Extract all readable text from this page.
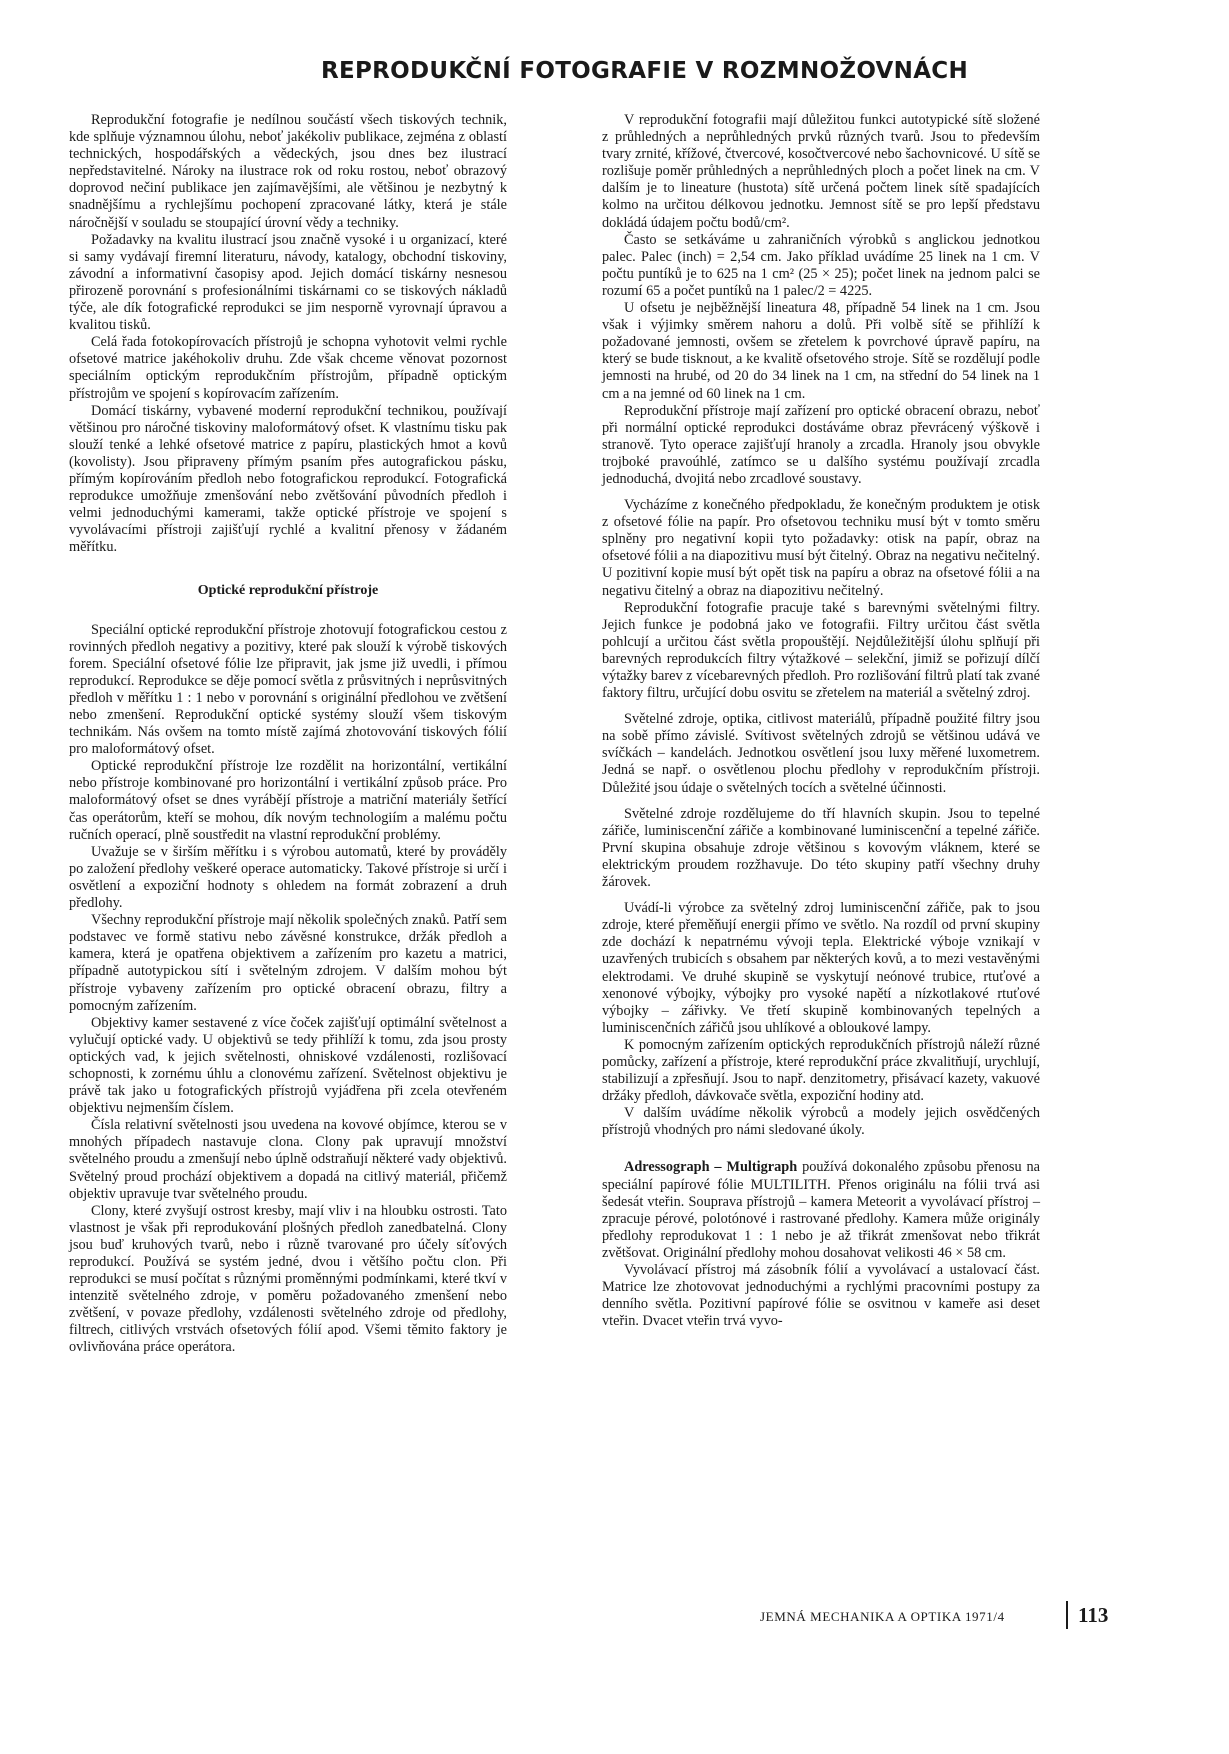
REPRODUKČNÍ FOTOGRAFIE V ROZMNOŽOVNÁCH

Reprodukční fotografie je nedílnou součástí všech tiskových technik, kde splňuje významnou úlohu, neboť jakékoliv publikace, zejména z oblastí technických, hospodářských a vědeckých, jsou dnes bez ilustrací nepředstavitelné. Nároky na ilustrace rok od roku rostou, neboť obrazový doprovod nečiní publikace jen zajímavějšími, ale většinou je nezbytný k snadnějšímu a rychlejšímu pochopení zpracované látky, která je stále náročnější v souladu se stoupající úrovní vědy a techniky.

Požadavky na kvalitu ilustrací jsou značně vysoké i u organizací, které si samy vydávají firemní literaturu, návody, katalogy, obchodní tiskoviny, závodní a informativní časopisy apod. Jejich domácí tiskárny nesnesou přirozeně porovnání s profesionálními tiskárnami co se tiskových nákladů týče, ale dík fotografické reprodukci se jim nesporně vyrovnají úpravou a kvalitou tisků.

Celá řada fotokopírovacích přístrojů je schopna vyhotovit velmi rychle ofsetové matrice jakéhokoliv druhu. Zde však chceme věnovat pozornost speciálním optickým reprodukčním přístrojům, případně optickým přístrojům ve spojení s kopírovacím zařízením.

Domácí tiskárny, vybavené moderní reprodukční technikou, používají většinou pro náročné tiskoviny maloformátový ofset. K vlastnímu tisku pak slouží tenké a lehké ofsetové matrice z papíru, plastických hmot a kovů (kovolisty). Jsou připraveny přímým psaním přes autografickou pásku, přímým kopírováním předloh nebo fotografickou reprodukcí. Fotografická reprodukce umožňuje zmenšování nebo zvětšování původních předloh i velmi jednoduchými kamerami, takže optické přístroje ve spojení s vyvolávacími přístroji zajišťují rychlé a kvalitní přenosy v žádaném měřítku.

Optické reprodukční přístroje

Speciální optické reprodukční přístroje zhotovují fotografickou cestou z rovinných předloh negativy a pozitivy, které pak slouží k výrobě tiskových forem. Speciální ofsetové fólie lze připravit, jak jsme již uvedli, i přímou reprodukcí. Reprodukce se děje pomocí světla z průsvitných i neprůsvitných předloh v měřítku 1 : 1 nebo v porovnání s originální předlohou ve zvětšení nebo zmenšení. Reprodukční optické systémy slouží všem tiskovým technikám. Nás ovšem na tomto místě zajímá zhotovování tiskových fólií pro maloformátový ofset.

Optické reprodukční přístroje lze rozdělit na horizontální, vertikální nebo přístroje kombinované pro horizontální i vertikální způsob práce. Pro maloformátový ofset se dnes vyrábějí přístroje a matriční materiály šetřící čas operátorům, kteří se mohou, dík novým technologiím a malému počtu ručních operací, plně soustředit na vlastní reprodukční problémy.

Uvažuje se v širším měřítku i s výrobou automatů, které by prováděly po založení předlohy veškeré operace automaticky. Takové přístroje si určí i osvětlení a expoziční hodnoty s ohledem na formát zobrazení a druh předlohy.

Všechny reprodukční přístroje mají několik společných znaků. Patří sem podstavec ve formě stativu nebo závěsné konstrukce, držák předloh a kamera, která je opatřena objektivem a zařízením pro kazetu a matrici, případně autotypickou sítí i světelným zdrojem. V dalším mohou být přístroje vybaveny zařízením pro optické obracení obrazu, filtry a pomocným zařízením.

Objektivy kamer sestavené z více čoček zajišťují optimální světelnost a vylučují optické vady. U objektivů se tedy přihlíží k tomu, zda jsou prosty optických vad, k jejich světelnosti, ohniskové vzdálenosti, rozlišovací schopnosti, k zornému úhlu a clonovému zařízení. Světelnost objektivu je právě tak jako u fotografických přístrojů vyjádřena při zcela otevřeném objektivu nejmenším číslem.

Čísla relativní světelnosti jsou uvedena na kovové objímce, kterou se v mnohých případech nastavuje clona. Clony pak upravují množství světelného proudu a zmenšují nebo úplně odstraňují některé vady objektivů. Světelný proud prochází objektivem a dopadá na citlivý materiál, přičemž objektiv upravuje tvar světelného proudu.

Clony, které zvyšují ostrost kresby, mají vliv i na hloubku ostrosti. Tato vlastnost je však při reprodukování plošných předloh zanedbatelná. Clony jsou buď kruhových tvarů, nebo i různě tvarované pro účely síťových reprodukcí. Používá se systém jedné, dvou i většího počtu clon. Při reprodukci se musí počítat s různými proměnnými podmínkami, které tkví v intenzitě světelného zdroje, v poměru požadovaného zmenšení nebo zvětšení, v povaze předlohy, vzdálenosti světelného zdroje od předlohy, filtrech, citlivých vrstvách ofsetových fólií apod. Všemi těmito faktory je ovlivňována práce operátora.

V reprodukční fotografii mají důležitou funkci autotypické sítě složené z průhledných a neprůhledných prvků různých tvarů. Jsou to především tvary zrnité, křížové, čtvercové, kosočtvercové nebo šachovnicové. U sítě se rozlišuje poměr průhledných a neprůhledných ploch a počet linek na cm. V dalším je to lineature (hustota) sítě určená počtem linek sítě spadajících kolmo na určitou délkovou jednotku. Jemnost sítě se pro lepší představu dokládá údajem počtu bodů/cm².

Často se setkáváme u zahraničních výrobků s anglickou jednotkou palec. Palec (inch) = 2,54 cm. Jako příklad uvádíme 25 linek na 1 cm. V počtu puntíků je to 625 na 1 cm² (25 × 25); počet linek na jednom palci se rozumí 65 a počet puntíků na 1 palec/2 = 4225.

U ofsetu je nejběžnější lineatura 48, případně 54 linek na 1 cm. Jsou však i výjimky směrem nahoru a dolů. Při volbě sítě se přihlíží k požadované jemnosti, ovšem se zřetelem k povrchové úpravě papíru, na který se bude tisknout, a ke kvalitě ofsetového stroje. Sítě se rozdělují podle jemnosti na hrubé, od 20 do 34 linek na 1 cm, na střední do 54 linek na 1 cm a na jemné od 60 linek na 1 cm.

Reprodukční přístroje mají zařízení pro optické obracení obrazu, neboť při normální optické reprodukci dostáváme obraz převrácený výškově i stranově. Tyto operace zajišťují hranoly a zrcadla. Hranoly jsou obvykle trojboké pravoúhlé, zatímco se u dalšího systému používají zrcadla jednoduchá, dvojitá nebo zrcadlové soustavy.

Vycházíme z konečného předpokladu, že konečným produktem je otisk z ofsetové fólie na papír. Pro ofsetovou techniku musí být v tomto směru splněny pro negativní kopii tyto požadavky: otisk na papír, obraz na ofsetové fólii a na diapozitivu musí být čitelný. Obraz na negativu nečitelný. U pozitivní kopie musí být opět tisk na papíru a obraz na ofsetové fólii a na negativu čitelný a obraz na diapozitivu nečitelný.

Reprodukční fotografie pracuje také s barevnými světelnými filtry. Jejich funkce je podobná jako ve fotografii. Filtry určitou část světla pohlcují a určitou část světla propouštějí. Nejdůležitější úlohu splňují při barevných reprodukcích filtry výtažkové – selekční, jimiž se pořizují dílčí výtažky barev z vícebarevných předloh. Pro rozlišování filtrů platí tak zvané faktory filtru, určující dobu osvitu se zřetelem na materiál a světelný zdroj.

Světelné zdroje, optika, citlivost materiálů, případně použité filtry jsou na sobě přímo závislé. Svítivost světelných zdrojů se většinou udává ve svíčkách – kandelách. Jednotkou osvětlení jsou luxy měřené luxometrem. Jedná se např. o osvětlenou plochu předlohy v reprodukčním přístroji. Důležité jsou údaje o světelných tocích a světelné účinnosti.

Světelné zdroje rozdělujeme do tří hlavních skupin. Jsou to tepelné zářiče, luminiscenční zářiče a kombinované luminiscenční a tepelné zářiče. První skupina obsahuje zdroje většinou s kovovým vláknem, které se elektrickým proudem rozžhavuje. Do této skupiny patří všechny druhy žárovek.

Uvádí-li výrobce za světelný zdroj luminiscenční zářiče, pak to jsou zdroje, které přeměňují energii přímo ve světlo. Na rozdíl od první skupiny zde dochází k nepatrnému vývoji tepla. Elektrické výboje vznikají v uzavřených trubicích s obsahem par některých kovů, a to mezi vestavěnými elektrodami. Ve druhé skupině se vyskytují neónové trubice, rtuťové a xenonové výbojky, výbojky pro vysoké napětí a nízkotlakové rtuťové výbojky – zářivky. Ve třetí skupině kombinovaných tepelných a luminiscenčních zářičů jsou uhlíkové a obloukové lampy.

K pomocným zařízením optických reprodukčních přístrojů náleží různé pomůcky, zařízení a přístroje, které reprodukční práce zkvalitňují, urychlují, stabilizují a zpřesňují. Jsou to např. denzitometry, přisávací kazety, vakuové držáky předloh, dávkovače světla, expoziční hodiny atd.

V dalším uvádíme několik výrobců a modely jejich osvědčených přístrojů vhodných pro námi sledované úkoly.

Adressograph – Multigraph používá dokonalého způsobu přenosu na speciální papírové fólie MULTILITH. Přenos originálu na fólii trvá asi šedesát vteřin. Souprava přístrojů – kamera Meteorit a vyvolávací přístroj – zpracuje pérové, polotónové i rastrované předlohy. Kamera může originály předlohy reprodukovat 1 : 1 nebo je až třikrát zmenšovat nebo třikrát zvětšovat. Originální předlohy mohou dosahovat velikosti 46 × 58 cm.

Vyvolávací přístroj má zásobník fólií a vyvolávací a ustalovací část. Matrice lze zhotovovat jednoduchými a rychlými pracovními postupy za denního světla. Pozitivní papírové fólie se osvitnou v kameře asi deset vteřin. Dvacet vteřin trvá vyvo-

JEMNÁ MECHANIKA A OPTIKA 1971/4	113
